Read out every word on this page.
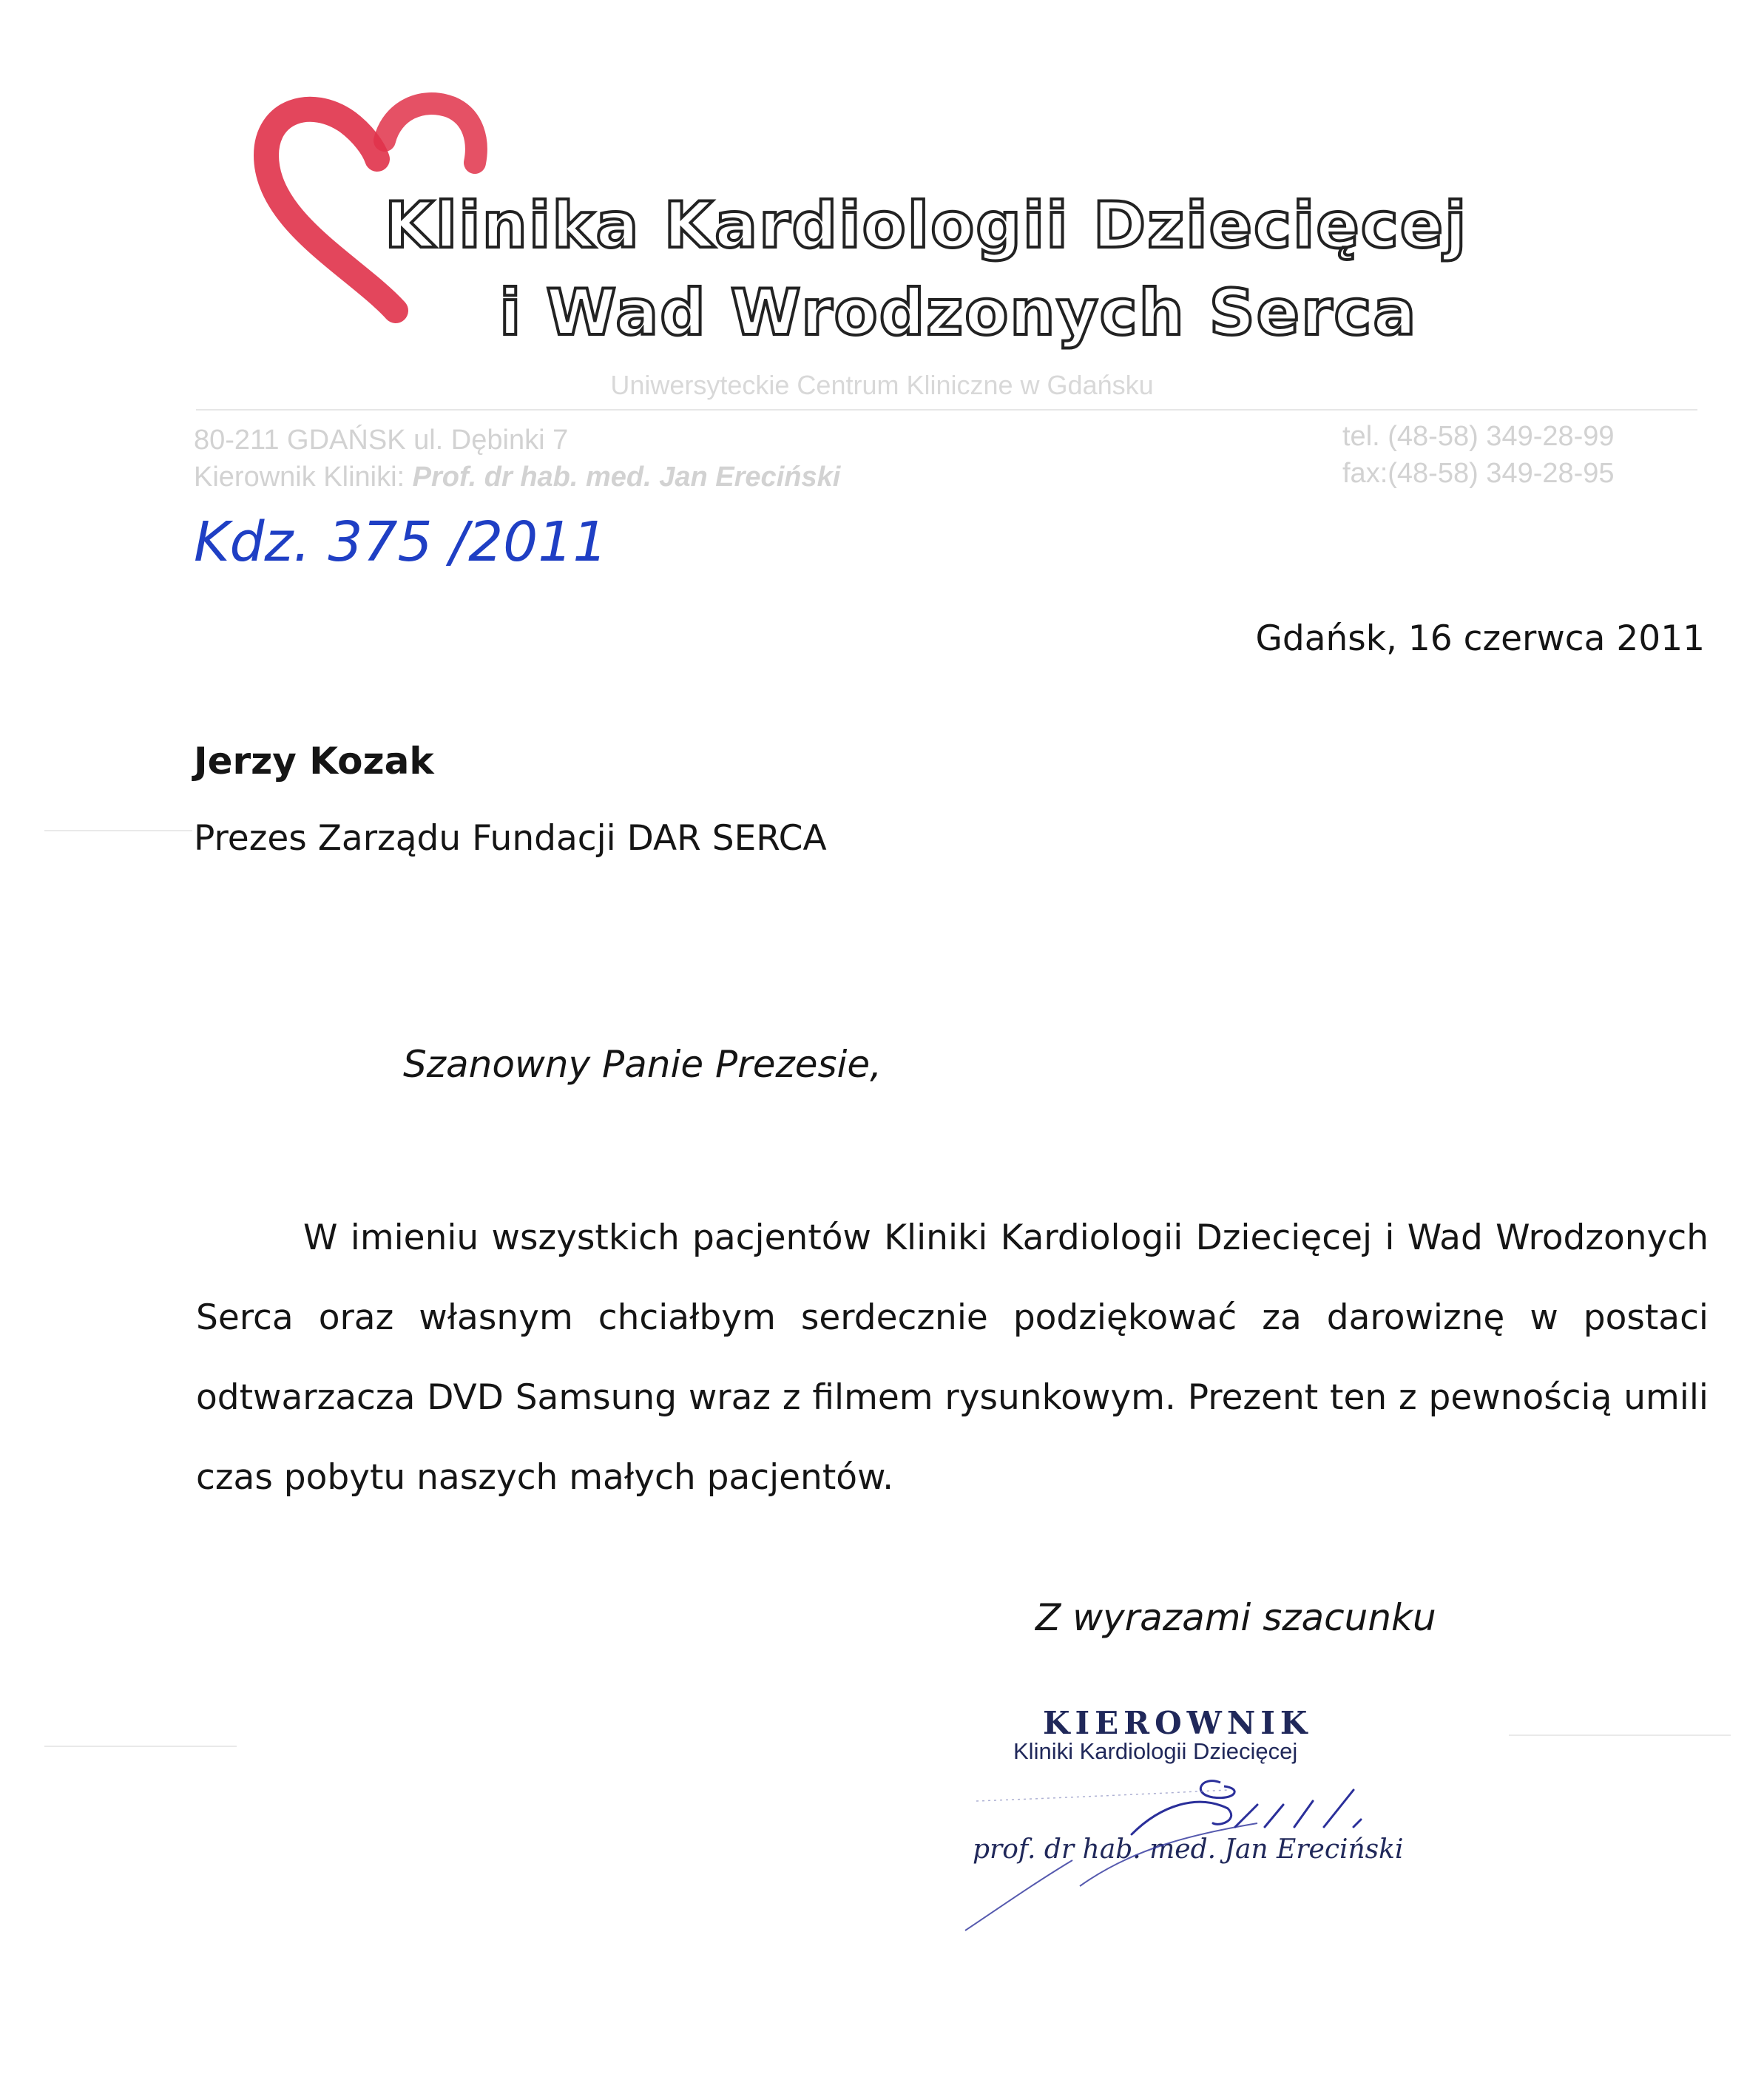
Klinika Kardiologii Dziecięcej
i Wad Wrodzonych Serca
Uniwersyteckie Centrum Kliniczne w Gdańsku
80-211 GDAŃSK ul. Dębinki 7
Kierownik Kliniki: Prof. dr hab. med. Jan Ereciński
tel. (48-58) 349-28-99
fax:(48-58) 349-28-95
Kdz. 375 /2011
Gdańsk, 16 czerwca 2011
Jerzy Kozak
Prezes Zarządu Fundacji DAR SERCA
Szanowny Panie Prezesie,
W imieniu wszystkich pacjentów Kliniki Kardiologii Dziecięcej i Wad Wrodzonych Serca oraz własnym chciałbym serdecznie podziękować za darowiznę w postaci odtwarzacza DVD Samsung wraz z filmem rysunkowym. Prezent ten z pewnością umili czas pobytu naszych małych pacjentów.
Z wyrazami szacunku
KIEROWNIK
Kliniki Kardiologii Dziecięcej
prof. dr hab. med. Jan Ereciński
